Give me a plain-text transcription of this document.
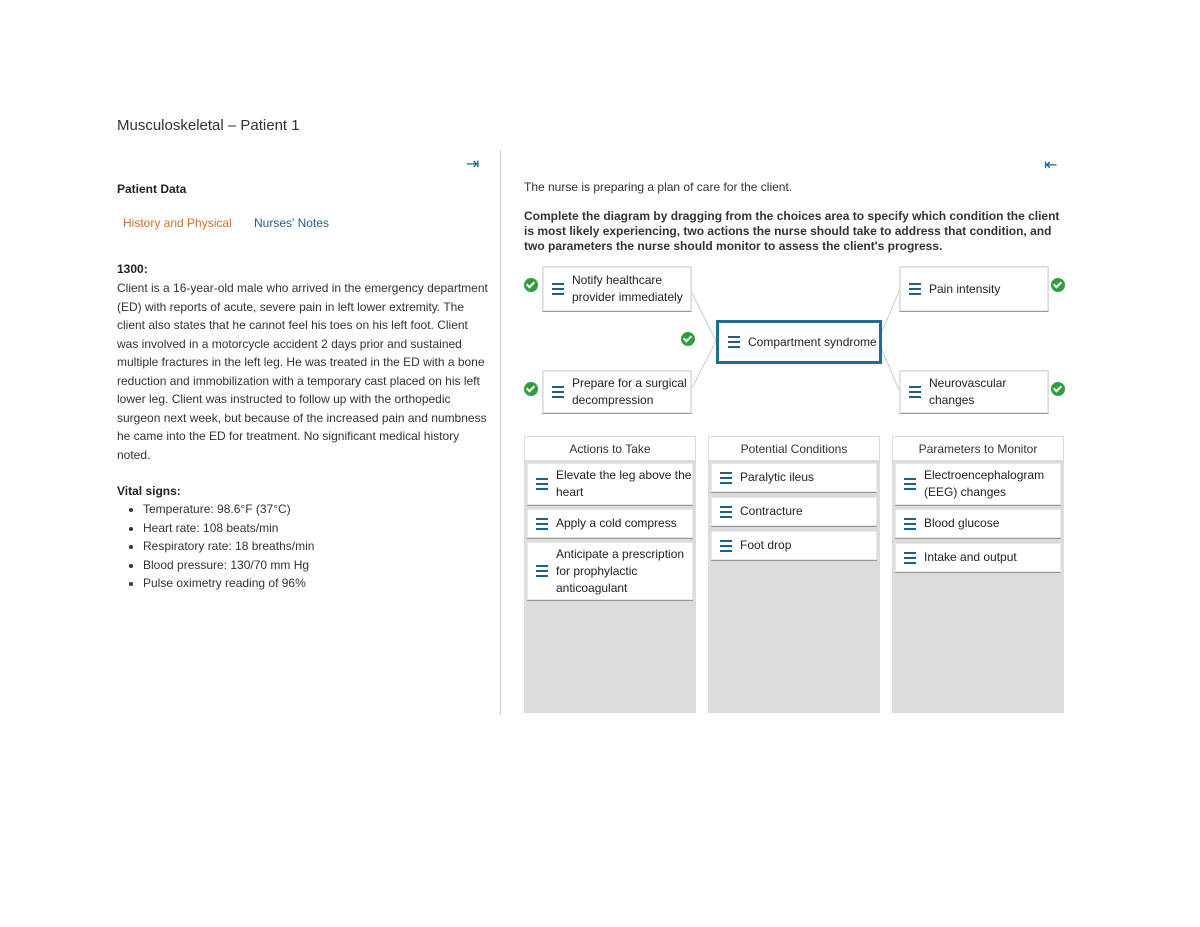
Musculoskeletal – Patient 1
⇥
Patient Data
History and Physical Nurses' Notes
1300:
Client is a 16-year-old male who arrived in the emergency department (ED) with reports of acute, severe pain in left lower extremity. The client also states that he cannot feel his toes on his left foot. Client was involved in a motorcycle accident 2 days prior and sustained multiple fractures in the left leg. He was treated in the ED with a bone reduction and immobilization with a temporary cast placed on his left lower leg. Client was instructed to follow up with the orthopedic surgeon next week, but because of the increased pain and numbness he came into the ED for treatment. No significant medical history noted.
Vital signs:
• Temperature: 98.6°F (37°C)
• Heart rate: 108 beats/min
• Respiratory rate: 18 breaths/min
• Blood pressure: 130/70 mm Hg
• Pulse oximetry reading of 96%
⇤
The nurse is preparing a plan of care for the client.
Complete the diagram by dragging from the choices area to specify which condition the client is most likely experiencing, two actions the nurse should take to address that condition, and two parameters the nurse should monitor to assess the client's progress.
Notify healthcare provider immediately
Compartment syndrome
Prepare for a surgical decompression
Pain intensity
Neurovascular changes
Actions to Take
Elevate the leg above the heart
Apply a cold compress
Anticipate a prescription for prophylactic anticoagulant
Potential Conditions
Paralytic ileus
Contracture
Foot drop
Parameters to Monitor
Electroencephalogram (EEG) changes
Blood glucose
Intake and output
